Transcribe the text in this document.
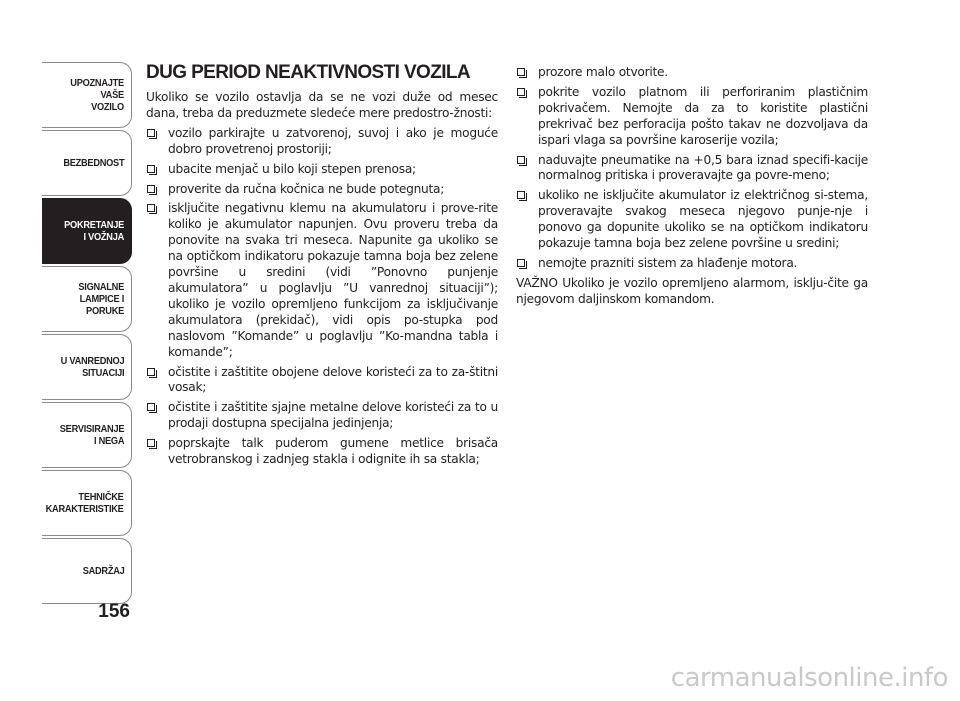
UPOZNAJTE
VAŠE
VOZILO
BEZBEDNOST
POKRETANJE
I VOŽNJA
SIGNALNE
LAMPICE I PORUKE
U VANREDNOJ
SITUACIJI
SERVISIRANJE
I NEGA
TEHNIČKE
KARAKTERISTIKE
SADRŽAJ
156
DUG PERIOD NEAKTIVNOSTI VOZILA

Ukoliko se vozilo ostavlja da se ne vozi duže od mesec dana, treba da preduzmete sledeće mere predostro-žnosti:

vozilo parkirajte u zatvorenoj, suvoj i ako je moguće dobro provetrenoj prostoriji;
ubacite menjač u bilo koji stepen prenosa;
proverite da ručna kočnica ne bude potegnuta;
isključite negativnu klemu na akumulatoru i prove-rite koliko je akumulator napunjen. Ovu proveru treba da ponovite na svaka tri meseca. Napunite ga ukoliko se na optičkom indikatoru pokazuje tamna boja bez zelene površine u sredini (vidi ”Ponovno punjenje akumulatora” u poglavlju ”U vanrednoj situaciji”); ukoliko je vozilo opremljeno funkcijom za isključivanje akumulatora (prekidač), vidi opis po-stupka pod naslovom ”Komande” u poglavlju ”Ko-mandna tabla i komande”;
očistite i zaštitite obojene delove koristeći za to za-štitni vosak;
očistite i zaštitite sjajne metalne delove koristeći za to u prodaji dostupna specijalna jedinjenja;
poprskajte talk puderom gumene metlice brisača vetrobranskog i zadnjeg stakla i odignite ih sa stakla;
prozore malo otvorite.
pokrite vozilo platnom ili perforiranim plastičnim pokrivačem. Nemojte da za to koristite plastični prekrivač bez perforacija pošto takav ne dozvoljava da ispari vlaga sa površine karoserije vozila;
naduvajte pneumatike na +0,5 bara iznad specifi-kacije normalnog pritiska i proveravajte ga povre-meno;
ukoliko ne isključite akumulator iz električnog si-stema, proveravajte svakog meseca njegovo punje-nje i ponovo ga dopunite ukoliko se na optičkom indikatoru pokazuje tamna boja bez zelene površine u sredini;
nemojte prazniti sistem za hlađenje motora.

VAŽNO Ukoliko je vozilo opremljeno alarmom, isklju-čite ga njegovom daljinskom komandom.

carmanualsonline.info
